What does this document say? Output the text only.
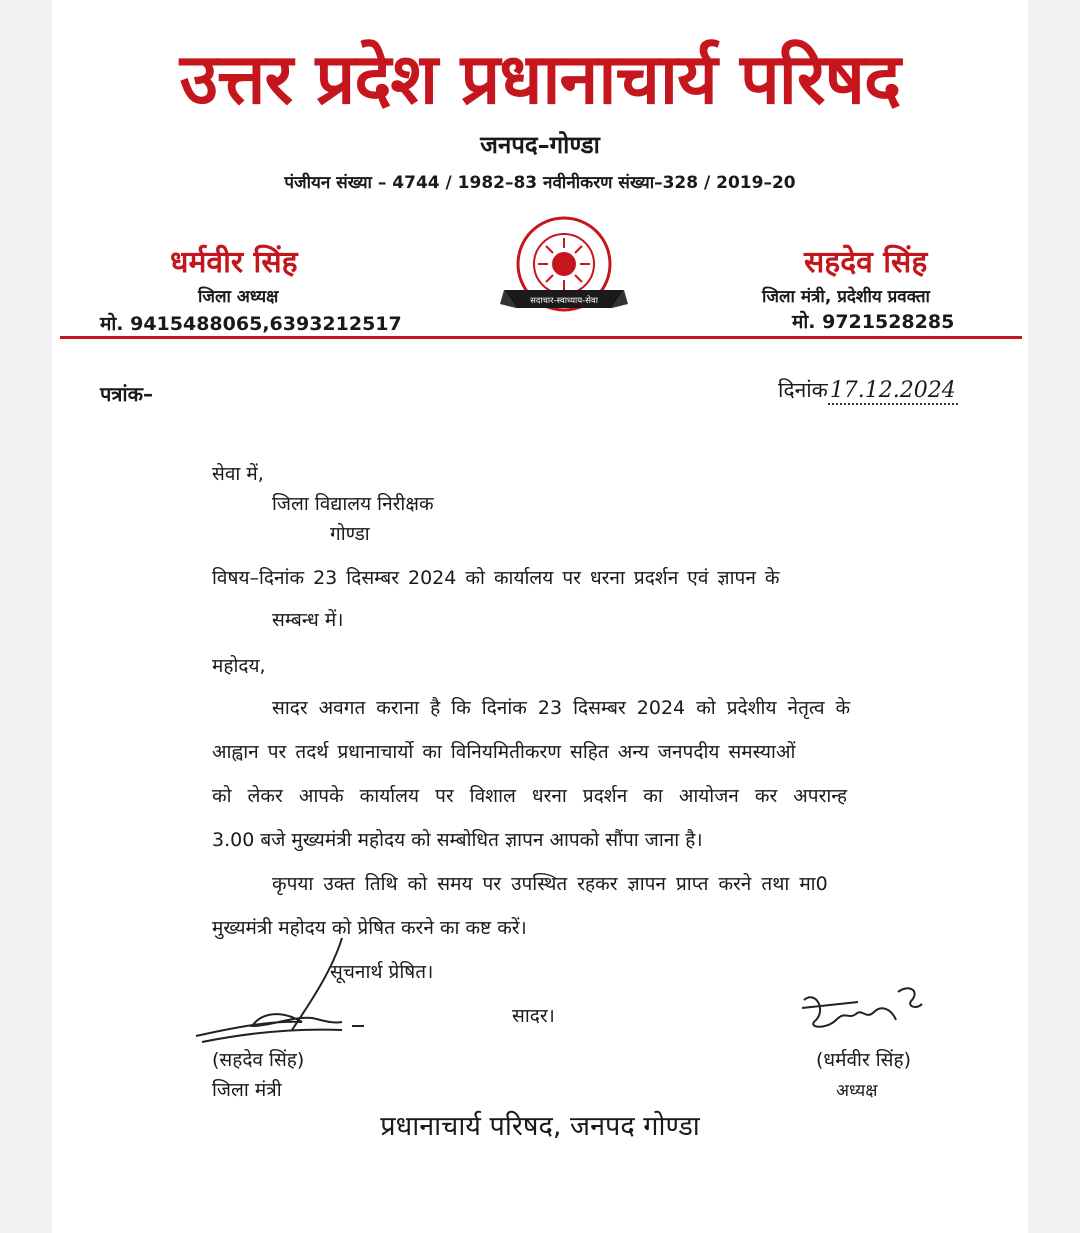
उत्तर प्रदेश प्रधानाचार्य परिषद
जनपद–गोण्डा
पंजीयन संख्या – 4744 / 1982–83 नवीनीकरण संख्या–328 / 2019–20
धर्मवीर सिंह
जिला अध्यक्ष
मो. 9415488065,6393212517
सहदेव सिंह
जिला मंत्री, प्रदेशीय प्रवक्ता
मो. 9721528285
सदाचार-स्वाध्याय-सेवा
पत्रांक–	दिनांक17.12.2024
सेवा में,
जिला विद्यालय निरीक्षक
गोण्डा
विषय–दिनांक 23 दिसम्बर 2024 को कार्यालय पर धरना प्रदर्शन एवं ज्ञापन के
सम्बन्ध में।
महोदय,
सादर अवगत कराना है कि दिनांक 23 दिसम्बर 2024 को प्रदेशीय नेतृत्व के
आह्वान पर तदर्थ प्रधानाचार्यो का विनियमितीकरण सहित अन्य जनपदीय समस्याओं
को लेकर आपके कार्यालय पर विशाल धरना प्रदर्शन का आयोजन कर अपरान्ह
3.00 बजे मुख्यमंत्री महोदय को सम्बोधित ज्ञापन आपको सौंपा जाना है।
कृपया उक्त तिथि को समय पर उपस्थित रहकर ज्ञापन प्राप्त करने तथा मा0
मुख्यमंत्री महोदय को प्रेषित करने का कष्ट करें।
सूचनार्थ प्रेषित।
सादर।
(सहदेव सिंह)
जिला मंत्री
(धर्मवीर सिंह)
अध्यक्ष
प्रधानाचार्य परिषद, जनपद गोण्डा
